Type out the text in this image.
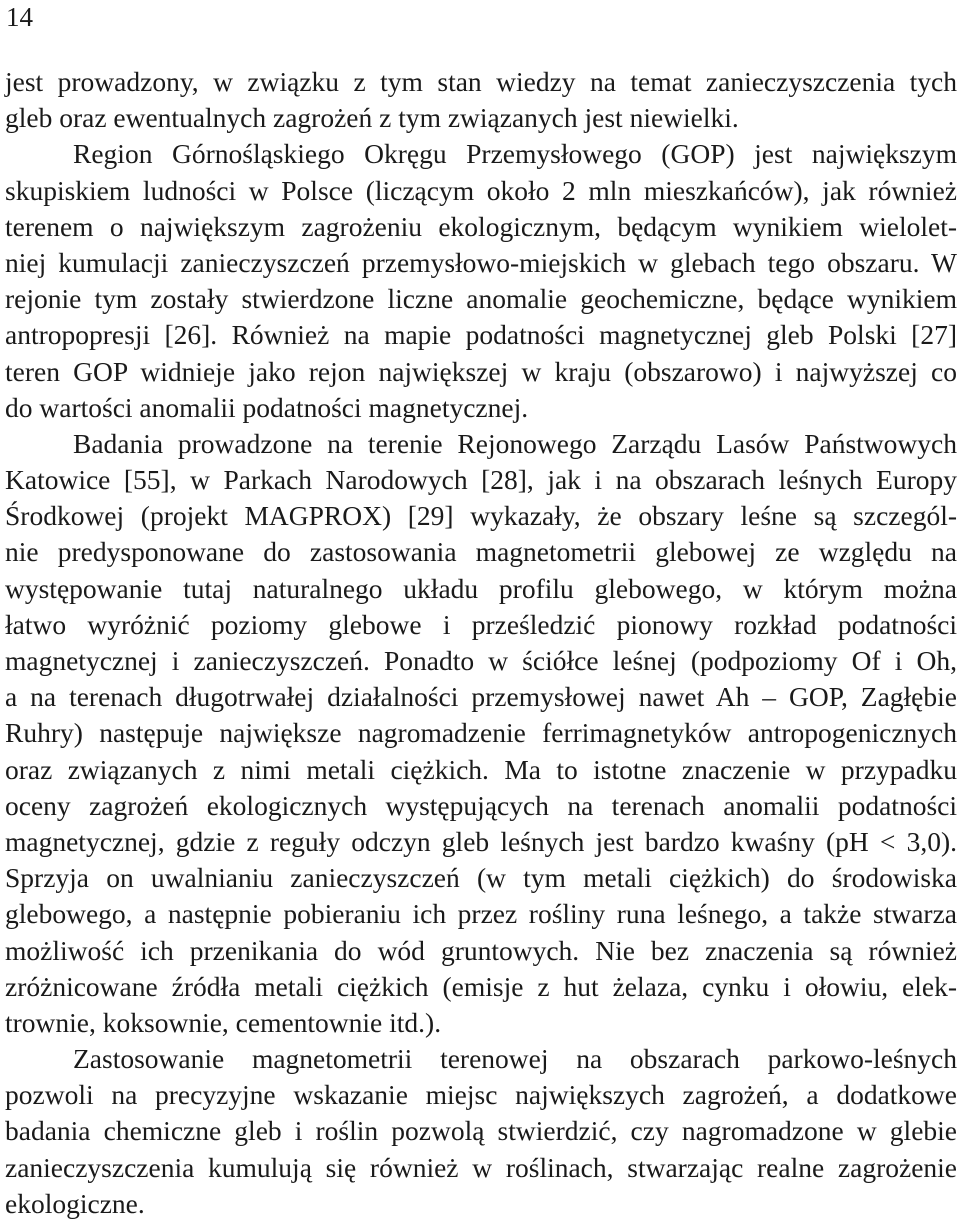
14
jest prowadzony, w związku z tym stan wiedzy na temat zanieczyszczenia tych
gleb oraz ewentualnych zagrożeń z tym związanych jest niewielki.
Region Górnośląskiego Okręgu Przemysłowego (GOP) jest największym
skupiskiem ludności w Polsce (liczącym około 2 mln mieszkańców), jak również
terenem o największym zagrożeniu ekologicznym, będącym wynikiem wielolet-
niej kumulacji zanieczyszczeń przemysłowo-miejskich w glebach tego obszaru. W
rejonie tym zostały stwierdzone liczne anomalie geochemiczne, będące wynikiem
antropopresji [26]. Również na mapie podatności magnetycznej gleb Polski [27]
teren GOP widnieje jako rejon największej w kraju (obszarowo) i najwyższej co
do wartości anomalii podatności magnetycznej.
Badania prowadzone na terenie Rejonowego Zarządu Lasów Państwowych
Katowice [55], w Parkach Narodowych [28], jak i na obszarach leśnych Europy
Środkowej (projekt MAGPROX) [29] wykazały, że obszary leśne są szczegól-
nie predysponowane do zastosowania magnetometrii glebowej ze względu na
występowanie tutaj naturalnego układu profilu glebowego, w którym można
łatwo wyróżnić poziomy glebowe i prześledzić pionowy rozkład podatności
magnetycznej i zanieczyszczeń. Ponadto w ściółce leśnej (podpoziomy Of i Oh,
a na terenach długotrwałej działalności przemysłowej nawet Ah – GOP, Zagłębie
Ruhry) następuje największe nagromadzenie ferrimagnetyków antropogenicznych
oraz związanych z nimi metali ciężkich. Ma to istotne znaczenie w przypadku
oceny zagrożeń ekologicznych występujących na terenach anomalii podatności
magnetycznej, gdzie z reguły odczyn gleb leśnych jest bardzo kwaśny (pH < 3,0).
Sprzyja on uwalnianiu zanieczyszczeń (w tym metali ciężkich) do środowiska
glebowego, a następnie pobieraniu ich przez rośliny runa leśnego, a także stwarza
możliwość ich przenikania do wód gruntowych. Nie bez znaczenia są również
zróżnicowane źródła metali ciężkich (emisje z hut żelaza, cynku i ołowiu, elek-
trownie, koksownie, cementownie itd.).
Zastosowanie magnetometrii terenowej na obszarach parkowo-leśnych
pozwoli na precyzyjne wskazanie miejsc największych zagrożeń, a dodatkowe
badania chemiczne gleb i roślin pozwolą stwierdzić, czy nagromadzone w glebie
zanieczyszczenia kumulują się również w roślinach, stwarzając realne zagrożenie
ekologiczne.
